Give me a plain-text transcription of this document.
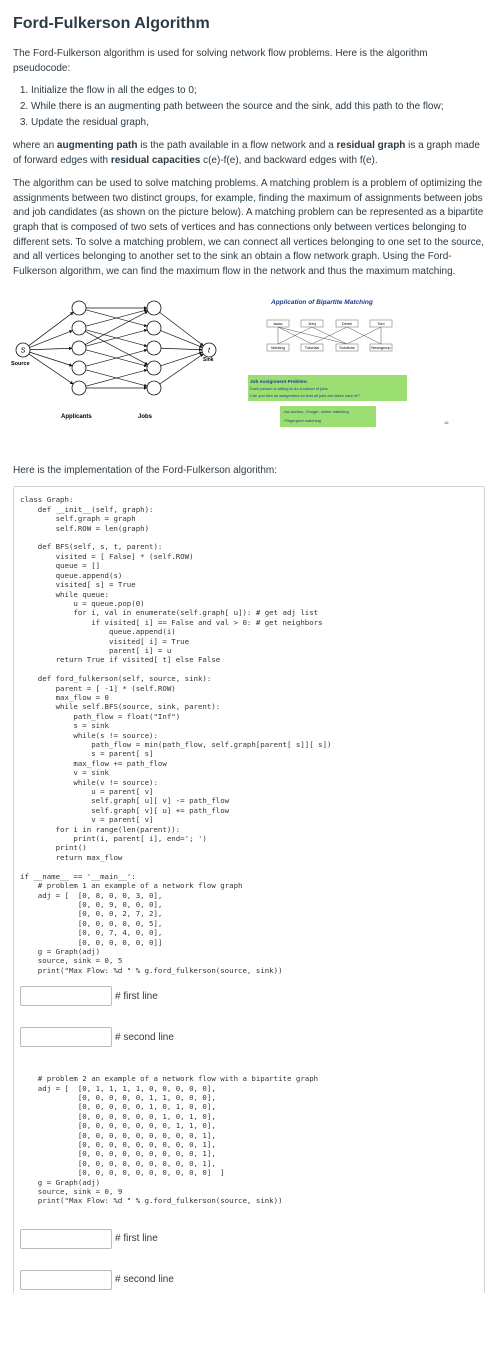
Ford-Fulkerson Algorithm

The Ford-Fulkerson algorithm is used for solving network flow problems. Here is the algorithm pseudocode:

1. Initialize the flow in all the edges to 0;
2. While there is an augmenting path between the source and the sink, add this path to the flow;
3. Update the residual graph,

where an augmenting path is the path available in a flow network and a residual graph is a graph made of forward edges with residual capacities c(e)-f(e), and backward edges with f(e).

The algorithm can be used to solve matching problems. A matching problem is a problem of optimizing the assignments between two distinct groups, for example, finding the maximum of assignments between jobs and job candidates (as shown on the picture below). A matching problem can be represented as a bipartite graph that is composed of two sets of vertices and has connections only between vertices belonging to different sets. To solve a matching problem, we can connect all vertices belonging to one set to the source, and all vertices belonging to another set to the sink an obtain a flow network graph. Using the Ford-Fulkerson algorithm, we can find the maximum flow in the network and thus the maximum matching.

S	t
Source
Sink
Applicants	Jobs
Application of Bipartite Matching
Isaac	Jerry	Derek	Tom
Marking	Tutorials	Solutions	Newsgroup
Job Assignment Problem:
Each person is willing to do a subset of jobs.
Can you find an assignment so that all jobs are taken care of?
- Ad-auction, Google, online matching
- Fingerprint matching	16

Here is the implementation of the Ford-Fulkerson algorithm:

class Graph:
def __init__(self, graph):
self.graph = graph
self.ROW = len(graph)

def BFS(self, s, t, parent):
visited = [ False] * (self.ROW)
queue = []
queue.append(s)
visited[ s] = True
while queue:
u = queue.pop(0)
for i, val in enumerate(self.graph[ u]): # get adj list
if visited[ i] == False and val > 0: # get neighbors
queue.append(i)
visited[ i] = True
parent[ i] = u
return True if visited[ t] else False

def ford_fulkerson(self, source, sink):
parent = [ -1] * (self.ROW)
max_flow = 0
while self.BFS(source, sink, parent):
path_flow = float("Inf")
s = sink
while(s != source):
path_flow = min(path_flow, self.graph[parent[ s]][ s])
s = parent[ s]
max_flow += path_flow
v = sink
while(v != source):
u = parent[ v]
self.graph[ u][ v] -= path_flow
self.graph[ v][ u] += path_flow
v = parent[ v]
for i in range(len(parent)):
print(i, parent[ i], end='; ')
print()
return max_flow

if __name__ == '__main__':
# problem 1 an example of a network flow graph
adj = [  [0, 8, 0, 0, 3, 0],
[0, 0, 9, 0, 0, 0],
[0, 0, 0, 2, 7, 2],
[0, 0, 0, 0, 0, 5],
[0, 0, 7, 4, 0, 0],
[0, 0, 0, 0, 0, 0]]
g = Graph(adj)
source, sink = 0, 5
print("Max Flow: %d " % g.ford_fulkerson(source, sink))
# first line
# second line
# problem 2 an example of a network flow with a bipartite graph
adj = [  [0, 1, 1, 1, 1, 0, 0, 0, 0, 0],
[0, 0, 0, 0, 0, 1, 1, 0, 0, 0],
[0, 0, 0, 0, 0, 1, 0, 1, 0, 0],
[0, 0, 0, 0, 0, 0, 1, 0, 1, 0],
[0, 0, 0, 0, 0, 0, 0, 1, 1, 0],
[0, 0, 0, 0, 0, 0, 0, 0, 0, 1],
[0, 0, 0, 0, 0, 0, 0, 0, 0, 1],
[0, 0, 0, 0, 0, 0, 0, 0, 0, 1],
[0, 0, 0, 0, 0, 0, 0, 0, 0, 1],
[0, 0, 0, 0, 0, 0, 0, 0, 0, 0]  ]
g = Graph(adj)
source, sink = 0, 9
print("Max Flow: %d " % g.ford_fulkerson(source, sink))
# first line
# second line
